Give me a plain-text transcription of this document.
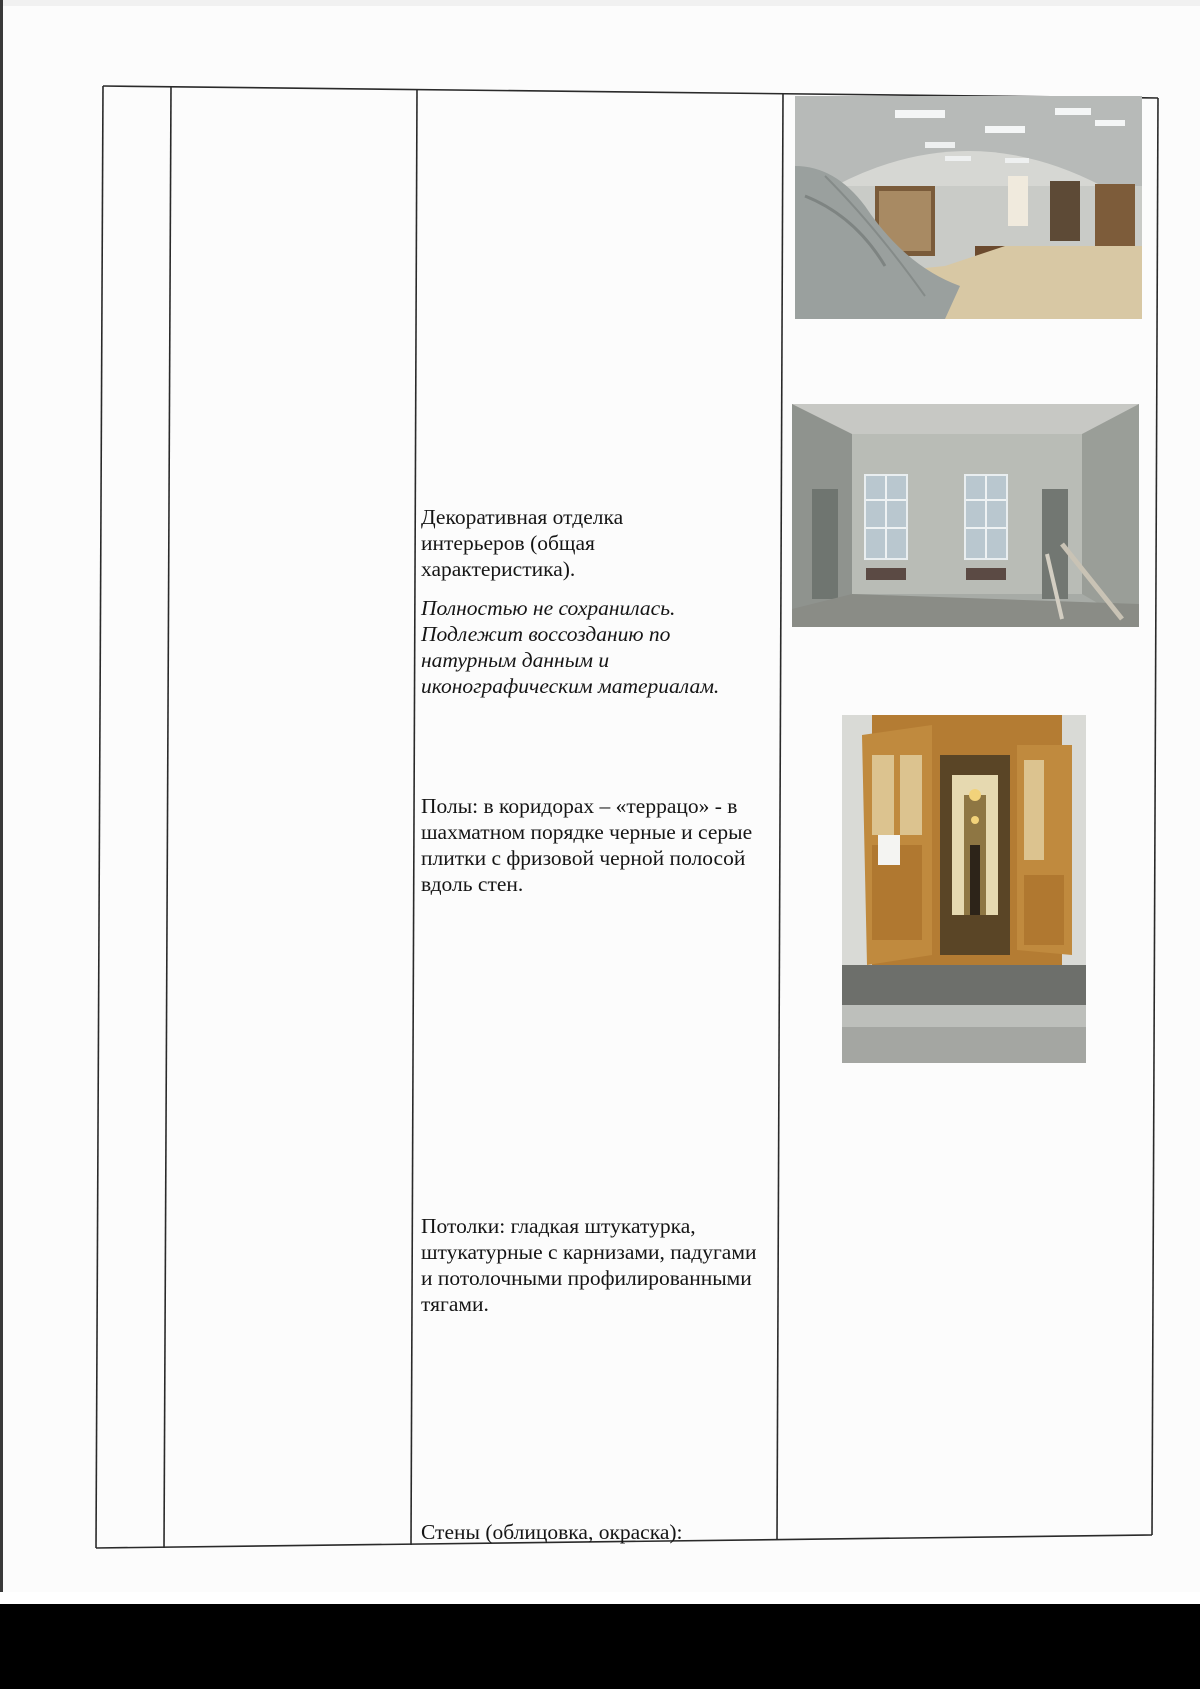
Декоративная отделка интерьеров (общая характеристика).
Полностью не сохранилась. Подлежит воссозданию по натурным данным и иконографическим материалам.
Полы: в коридорах – «террацо» - в шахматном порядке черные и серые плитки с фризовой черной полосой вдоль стен.
Потолки: гладкая штукатурка, штукатурные с карнизами, падугами и потолочными профилированными тягами.
Стены (облицовка, окраска):
